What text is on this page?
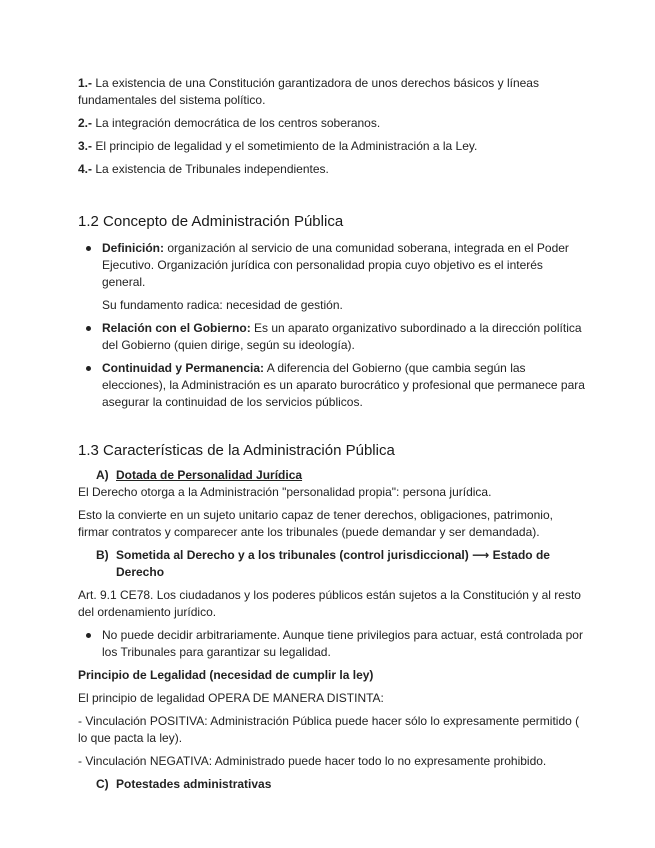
1.- La existencia de una Constitución garantizadora de unos derechos básicos y líneas fundamentales del sistema político.

2.- La integración democrática de los centros soberanos.

3.- El principio de legalidad y el sometimiento de la Administración a la Ley.

4.- La existencia de Tribunales independientes.

1.2 Concepto de Administración Pública
Definición: organización al servicio de una comunidad soberana, integrada en el Poder Ejecutivo. Organización jurídica con personalidad propia cuyo objetivo es el interés general.

Su fundamento radica: necesidad de gestión.

Relación con el Gobierno: Es un aparato organizativo subordinado a la dirección política del Gobierno (quien dirige, según su ideología).
Continuidad y Permanencia: A diferencia del Gobierno (que cambia según las elecciones), la Administración es un aparato burocrático y profesional que permanece para asegurar la continuidad de los servicios públicos.
1.3 Características de la Administración Pública
A) Dotada de Personalidad Jurídica

El Derecho otorga a la Administración "personalidad propia": persona jurídica.

Esto la convierte en un sujeto unitario capaz de tener derechos, obligaciones, patrimonio, firmar contratos y comparecer ante los tribunales (puede demandar y ser demandada).

B) Sometida al Derecho y a los tribunales (control jurisdiccional) ⟶ Estado de Derecho

Art. 9.1 CE78. Los ciudadanos y los poderes públicos están sujetos a la Constitución y al resto del ordenamiento jurídico.

No puede decidir arbitrariamente. Aunque tiene privilegios para actuar, está controlada por los Tribunales para garantizar su legalidad.

Principio de Legalidad (necesidad de cumplir la ley)

El principio de legalidad OPERA DE MANERA DISTINTA:

- Vinculación POSITIVA: Administración Pública puede hacer sólo lo expresamente permitido ( lo que pacta la ley).

- Vinculación NEGATIVA: Administrado puede hacer todo lo no expresamente prohibido.

C) Potestades administrativas
